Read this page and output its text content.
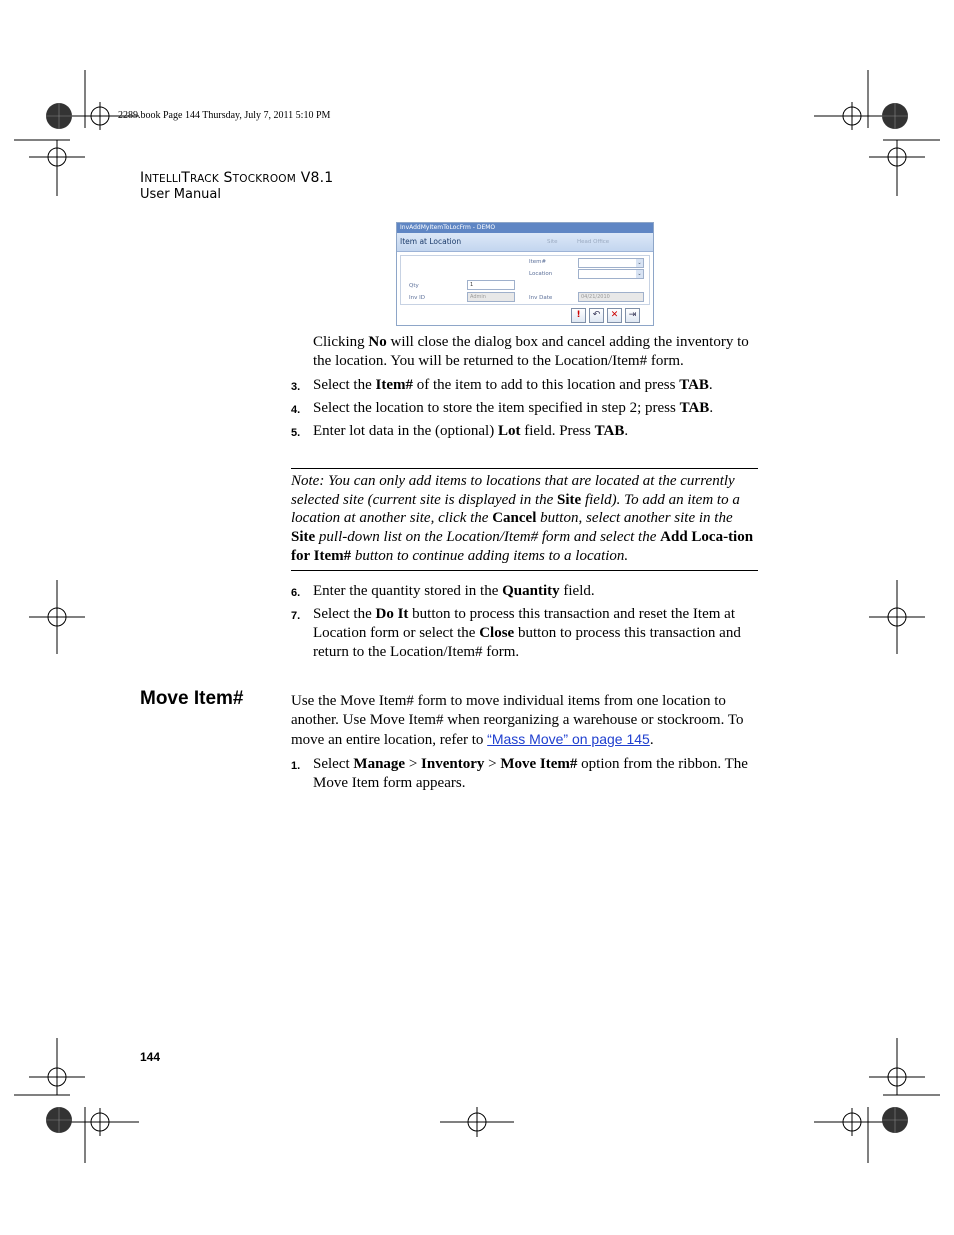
2289.book Page 144 Thursday, July 7, 2011 5:10 PM
INTELLITRACK STOCKROOM V8.1
User Manual
InvAddMyItemToLocFrm - DEMO
Item at Location	Site	Head Office
Item#	⌄
Location	⌄
Qty	1
Inv ID	Admin	Inv Date	04/21/2010
!	↶	✕	⇥
Clicking No will close the dialog box and cancel adding the inventory to the location. You will be returned to the Location/Item# form.
3. Select the Item# of the item to add to this location and press TAB.
4. Select the location to store the item specified in step 2; press TAB.
5. Enter lot data in the (optional) Lot field. Press TAB.
Note: You can only add items to locations that are located at the currently selected site (current site is displayed in the Site field). To add an item to a location at another site, click the Cancel button, select another site in the Site pull-down list on the Location/Item# form and select the Add Loca-tion for Item# button to continue adding items to a location.
6. Enter the quantity stored in the Quantity field.
7. Select the Do It button to process this transaction and reset the Item at Location form or select the Close button to process this transaction and return to the Location/Item# form.
Move Item#	Use the Move Item# form to move individual items from one location to another. Use Move Item# when reorganizing a warehouse or stockroom. To move an entire location, refer to “Mass Move” on page 145.
1. Select Manage > Inventory > Move Item# option from the ribbon. The Move Item form appears.
144
